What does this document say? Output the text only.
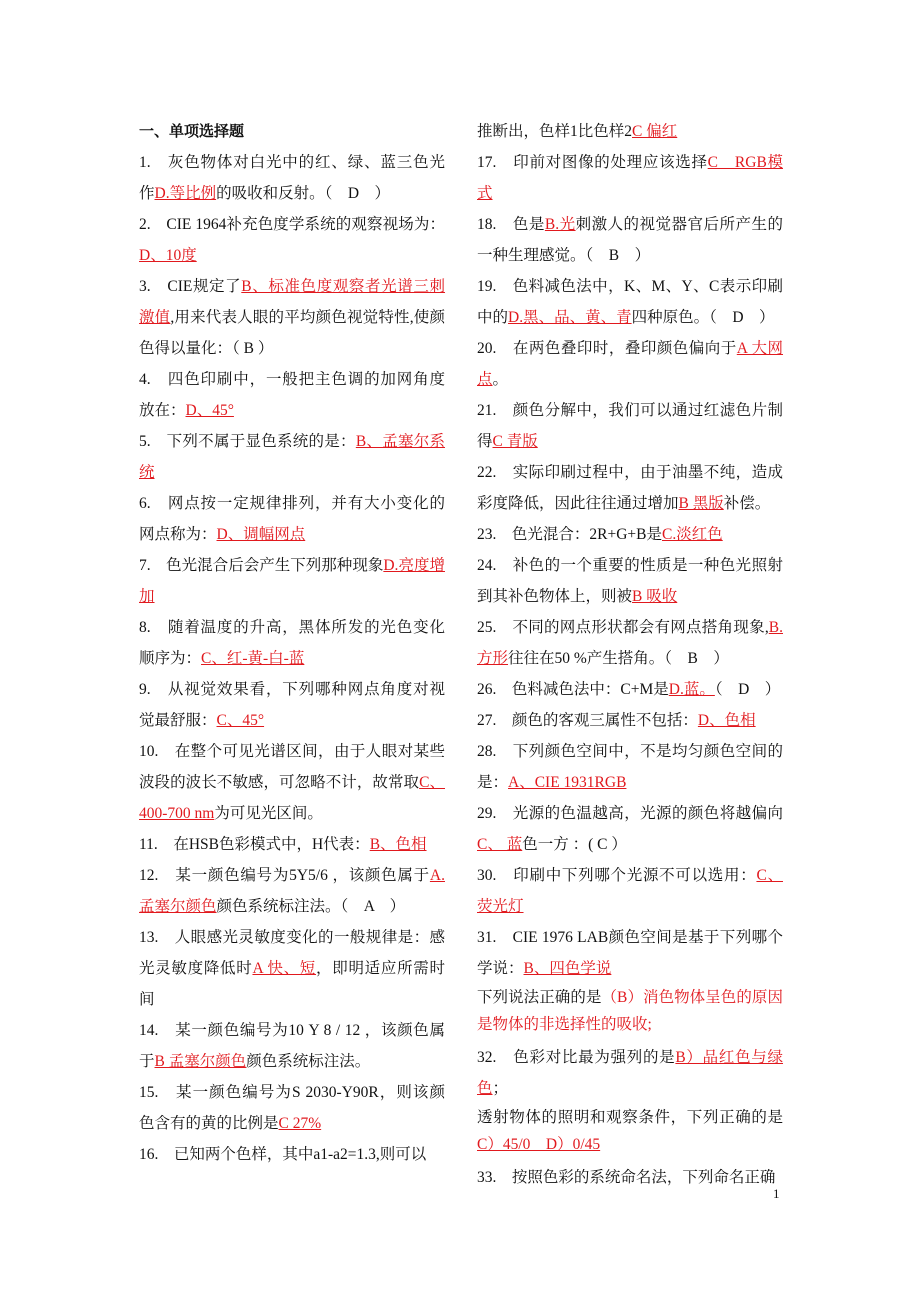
一、单项选择题

1.　 灰色物体对白光中的红、绿、蓝三色光作D.等比例的吸收和反射。（　D　）

2.　 CIE 1964补充色度学系统的观察视场为：D、10度

3.　 CIE规定了B、标准色度观察者光谱三刺激值,用来代表人眼的平均颜色视觉特性,使颜色得以量化：（ B ）

4.　 四色印刷中，一般把主色调的加网角度放在：D、45°

5.　 下列不属于显色系统的是：B、孟塞尔系统

6.　 网点按一定规律排列，并有大小变化的网点称为：D、调幅网点

7.　 色光混合后会产生下列那种现象D.亮度增加

8.　 随着温度的升高，黑体所发的光色变化顺序为：C、红-黄-白-蓝

9.　 从视觉效果看，下列哪种网点角度对视觉最舒服：C、45°

10.　 在整个可见光谱区间，由于人眼对某些波段的波长不敏感，可忽略不计，故常取C、400-700 nm为可见光区间。

11.　 在HSB色彩模式中，H代表：B、色相

12.　 某一颜色编号为5Y5/6 ，该颜色属于A.孟塞尔颜色颜色系统标注法。（　A　）

13.　 人眼感光灵敏度变化的一般规律是：感光灵敏度降低时A 快、短，即明适应所需时间

14.　 某一颜色编号为10 Y 8 / 12 ，该颜色属于B 孟塞尔颜色颜色系统标注法。

15.　 某一颜色编号为S 2030-Y90R，则该颜色含有的黄的比例是C 27%

16.　 已知两个色样，其中a1-a2=1.3,则可以

推断出，色样1比色样2C 偏红

17.　 印前对图像的处理应该选择C　RGB模式

18.　 色是B.光刺激人的视觉器官后所产生的一种生理感觉。（　B　）

19.　 色料减色法中，K、M、Y、C表示印刷中的D.黑、品、黄、青四种原色。（　D　）

20.　 在两色叠印时，叠印颜色偏向于A 大网点。

21.　 颜色分解中，我们可以通过红滤色片制得C 青版

22.　 实际印刷过程中，由于油墨不纯，造成彩度降低，因此往往通过增加B 黑版补偿。

23.　 色光混合：2R+G+B是C.淡红色

24.　 补色的一个重要的性质是一种色光照射到其补色物体上，则被B 吸收

25.　 不同的网点形状都会有网点搭角现象,B.方形往往在50 %产生搭角。（　B　）

26.　 色料减色法中：C+M是D.蓝。（　D　）

27.　 颜色的客观三属性不包括：D、色相

28.　 下列颜色空间中，不是均匀颜色空间的是：A、CIE 1931RGB

29.　 光源的色温越高，光源的颜色将越偏向C、 蓝色一方 ：( C ）

30.　 印刷中下列哪个光源不可以选用：C、荧光灯

31.　 CIE 1976 LAB颜色空间是基于下列哪个学说：B、四色学说

下列说法正确的是（B）消色物体呈色的原因是物体的非选择性的吸收;

32.　 色彩对比最为强列的是B）品红色与绿色；

透射物体的照明和观察条件，下列正确的是C）45/0　D）0/45

33.　 按照色彩的系统命名法，下列命名正确

1
